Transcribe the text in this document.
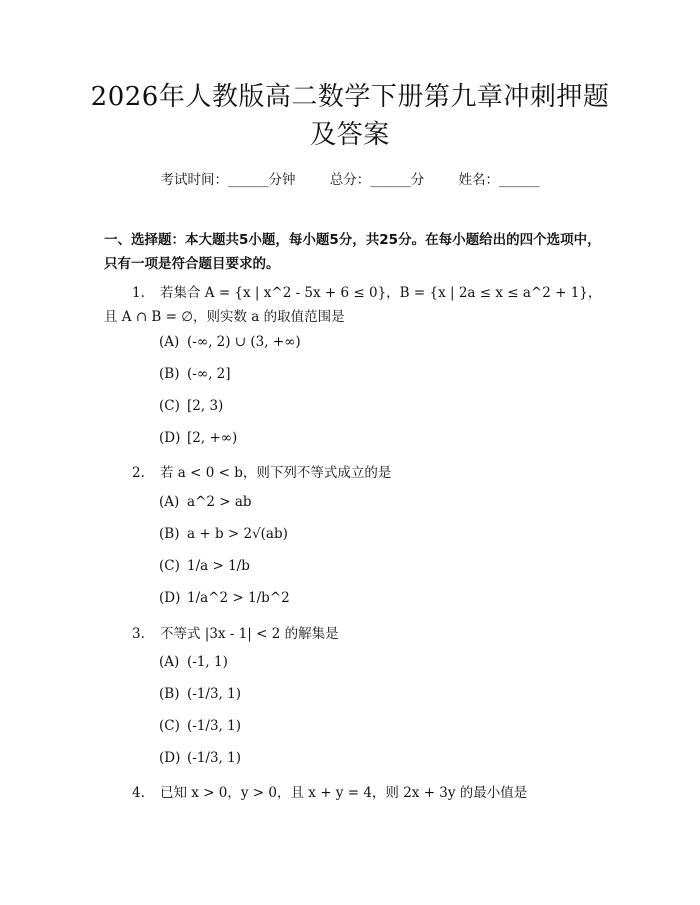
2026年人教版高二数学下册第九章冲刺押题
及答案
考试时间：______分钟	总分：______分	姓名：______
一、选择题：本大题共5小题，每小题5分，共25分。在每小题给出的四个选项中，只有一项是符合题目要求的。
1. 若集合 A = {x | x^2 - 5x + 6 ≤ 0}，B = {x | 2a ≤ x ≤ a^2 + 1}，
且 A ∩ B = ∅，则实数 a 的取值范围是
(A) (-∞, 2) ∪ (3, +∞)
(B) (-∞, 2]
(C) [2, 3)
(D) [2, +∞)
2. 若 a < 0 < b，则下列不等式成立的是
(A) a^2 > ab
(B) a + b > 2√(ab)
(C) 1/a > 1/b
(D) 1/a^2 > 1/b^2
3. 不等式 |3x - 1| < 2 的解集是
(A) (-1, 1)
(B) (-1/3, 1)
(C) (-1/3, 1)
(D) (-1/3, 1)
4. 已知 x > 0，y > 0，且 x + y = 4，则 2x + 3y 的最小值是
